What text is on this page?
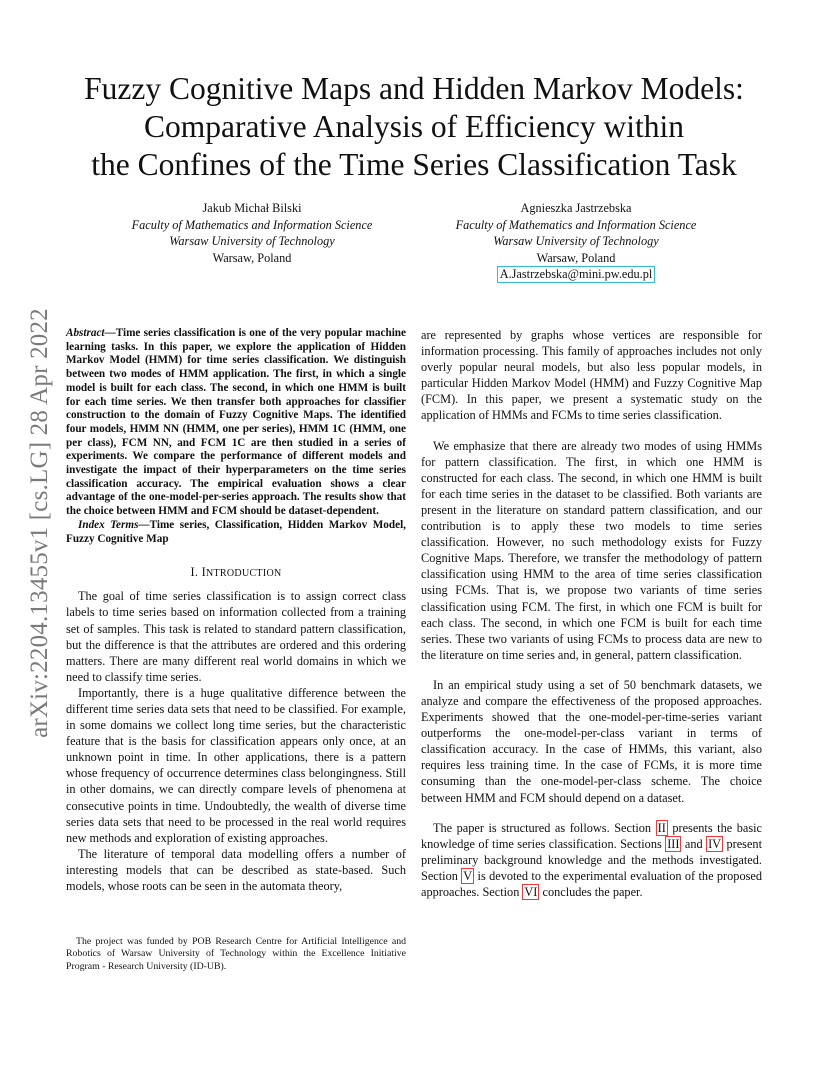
arXiv:2204.13455v1 [cs.LG] 28 Apr 2022
Fuzzy Cognitive Maps and Hidden Markov Models:
Comparative Analysis of Efficiency within
the Confines of the Time Series Classification Task
Jakub Michał Bilski
Faculty of Mathematics and Information Science
Warsaw University of Technology
Warsaw, Poland
Agnieszka Jastrzebska
Faculty of Mathematics and Information Science
Warsaw University of Technology
Warsaw, Poland
A.Jastrzebska@mini.pw.edu.pl

Abstract—Time series classification is one of the very popular machine learning tasks. In this paper, we explore the application of Hidden Markov Model (HMM) for time series classification. We distinguish between two modes of HMM application. The first, in which a single model is built for each class. The second, in which one HMM is built for each time series. We then transfer both approaches for classifier construction to the domain of Fuzzy Cognitive Maps. The identified four models, HMM NN (HMM, one per series), HMM 1C (HMM, one per class), FCM NN, and FCM 1C are then studied in a series of experiments. We compare the performance of different models and investigate the impact of their hyperparameters on the time series classification accuracy. The empirical evaluation shows a clear advantage of the one-model-per-series approach. The results show that the choice between HMM and FCM should be dataset-dependent.

Index Terms—Time series, Classification, Hidden Markov Model, Fuzzy Cognitive Map

I. INTRODUCTION

The goal of time series classification is to assign correct class labels to time series based on information collected from a training set of samples. This task is related to standard pattern classification, but the difference is that the attributes are ordered and this ordering matters. There are many different real world domains in which we need to classify time series.

Importantly, there is a huge qualitative difference between the different time series data sets that need to be classified. For example, in some domains we collect long time series, but the characteristic feature that is the basis for classification appears only once, at an unknown point in time. In other applications, there is a pattern whose frequency of occurrence determines class belongingness. Still in other domains, we can directly compare levels of phenomena at consecutive points in time. Undoubtedly, the wealth of diverse time series data sets that need to be processed in the real world requires new methods and exploration of existing approaches.

The literature of temporal data modelling offers a number of interesting models that can be described as state-based. Such models, whose roots can be seen in the automata theory,

The project was funded by POB Research Centre for Artificial Intelligence and Robotics of Warsaw University of Technology within the Excellence Initiative Program - Research University (ID-UB).

are represented by graphs whose vertices are responsible for information processing. This family of approaches includes not only overly popular neural models, but also less popular models, in particular Hidden Markov Model (HMM) and Fuzzy Cognitive Map (FCM). In this paper, we present a systematic study on the application of HMMs and FCMs to time series classification.

We emphasize that there are already two modes of using HMMs for pattern classification. The first, in which one HMM is constructed for each class. The second, in which one HMM is built for each time series in the dataset to be classified. Both variants are present in the literature on standard pattern classification, and our contribution is to apply these two models to time series classification. However, no such methodology exists for Fuzzy Cognitive Maps. Therefore, we transfer the methodology of pattern classification using HMM to the area of time series classification using FCMs. That is, we propose two variants of time series classification using FCM. The first, in which one FCM is built for each class. The second, in which one FCM is built for each time series. These two variants of using FCMs to process data are new to the literature on time series and, in general, pattern classification.

In an empirical study using a set of 50 benchmark datasets, we analyze and compare the effectiveness of the proposed approaches. Experiments showed that the one-model-per-time-series variant outperforms the one-model-per-class variant in terms of classification accuracy. In the case of HMMs, this variant, also requires less training time. In the case of FCMs, it is more time consuming than the one-model-per-class scheme. The choice between HMM and FCM should depend on a dataset.

The paper is structured as follows. Section II presents the basic knowledge of time series classification. Sections III and IV present preliminary background knowledge and the methods investigated. Section V is devoted to the experimental evaluation of the proposed approaches. Section VI concludes the paper.
